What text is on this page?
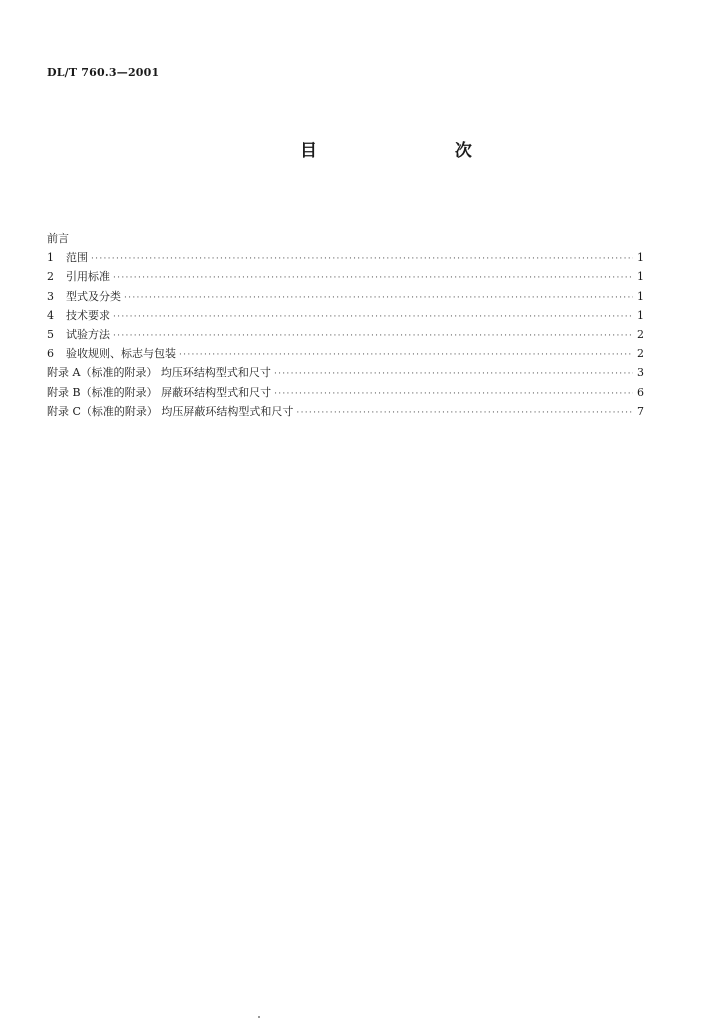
DL/T 760.3—2001
目 次
前言
1	范围 ·····	1
2	引用标准 ·····	1
3	型式及分类 ·····	1
4	技术要求 ·····	1
5	试验方法 ·····	2
6	验收规则、标志与包装 ·····	2
附录 A（标准的附录） 均压环结构型式和尺寸 ·····	3
附录 B（标准的附录） 屏蔽环结构型式和尺寸 ·····	6
附录 C（标准的附录） 均压屏蔽环结构型式和尺寸 ·····	7
